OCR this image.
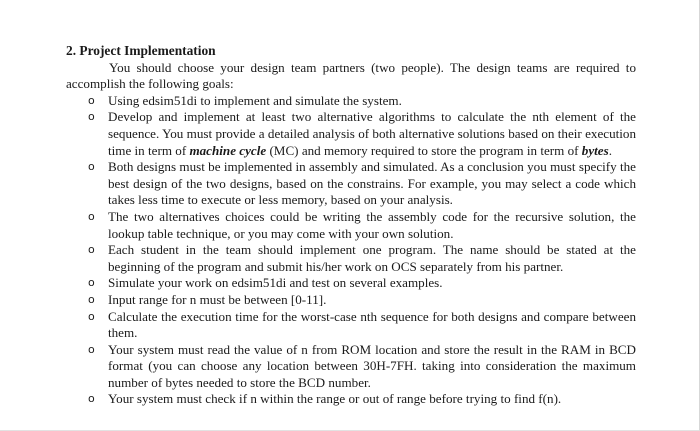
2. Project Implementation

You should choose your design team partners (two people). The design teams are required to accomplish the following goals:

o Using edsim51di to implement and simulate the system.
o Develop and implement at least two alternative algorithms to calculate the nth element of the sequence. You must provide a detailed analysis of both alternative solutions based on their execution time in term of machine cycle (MC) and memory required to store the program in term of bytes.
o Both designs must be implemented in assembly and simulated. As a conclusion you must specify the best design of the two designs, based on the constrains. For example, you may select a code which takes less time to execute or less memory, based on your analysis.
o The two alternatives choices could be writing the assembly code for the recursive solution, the lookup table technique, or you may come with your own solution.
o Each student in the team should implement one program. The name should be stated at the beginning of the program and submit his/her work on OCS separately from his partner.
o Simulate your work on edsim51di and test on several examples.
o Input range for n must be between [0-11].
o Calculate the execution time for the worst-case nth sequence for both designs and compare between them.
o Your system must read the value of n from ROM location and store the result in the RAM in BCD format (you can choose any location between 30H-7FH. taking into consideration the maximum number of bytes needed to store the BCD number.
o Your system must check if n within the range or out of range before trying to find f(n).
